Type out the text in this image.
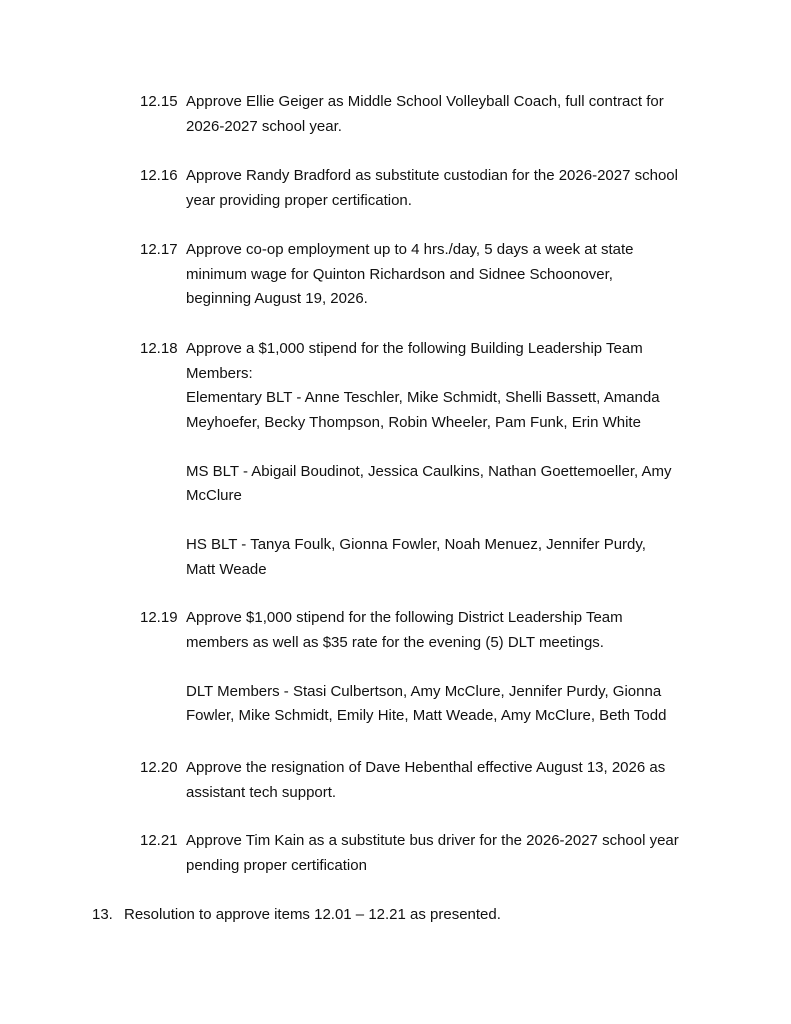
12.15 Approve Ellie Geiger as Middle School Volleyball Coach, full contract for
2026-2027 school year.
12.16 Approve Randy Bradford as substitute custodian for the 2026-2027 school
year providing proper certification.
12.17 Approve co-op employment up to 4 hrs./day, 5 days a week at state
minimum wage for Quinton Richardson and Sidnee Schoonover,
beginning August 19, 2026.
12.18 Approve a $1,000 stipend for the following Building Leadership Team
Members:
Elementary BLT - Anne Teschler, Mike Schmidt, Shelli Bassett, Amanda
Meyhoefer, Becky Thompson, Robin Wheeler, Pam Funk, Erin White
MS BLT - Abigail Boudinot, Jessica Caulkins, Nathan Goettemoeller, Amy
McClure
HS BLT - Tanya Foulk, Gionna Fowler, Noah Menuez, Jennifer Purdy,
Matt Weade
12.19 Approve $1,000 stipend for the following District Leadership Team
members as well as $35 rate for the evening (5) DLT meetings.
DLT Members - Stasi Culbertson, Amy McClure, Jennifer Purdy, Gionna
Fowler, Mike Schmidt, Emily Hite, Matt Weade, Amy McClure, Beth Todd
12.20 Approve the resignation of Dave Hebenthal effective August 13, 2026 as
assistant tech support.
12.21 Approve Tim Kain as a substitute bus driver for the 2026-2027 school year
pending proper certification
13. Resolution to approve items 12.01 – 12.21 as presented.
